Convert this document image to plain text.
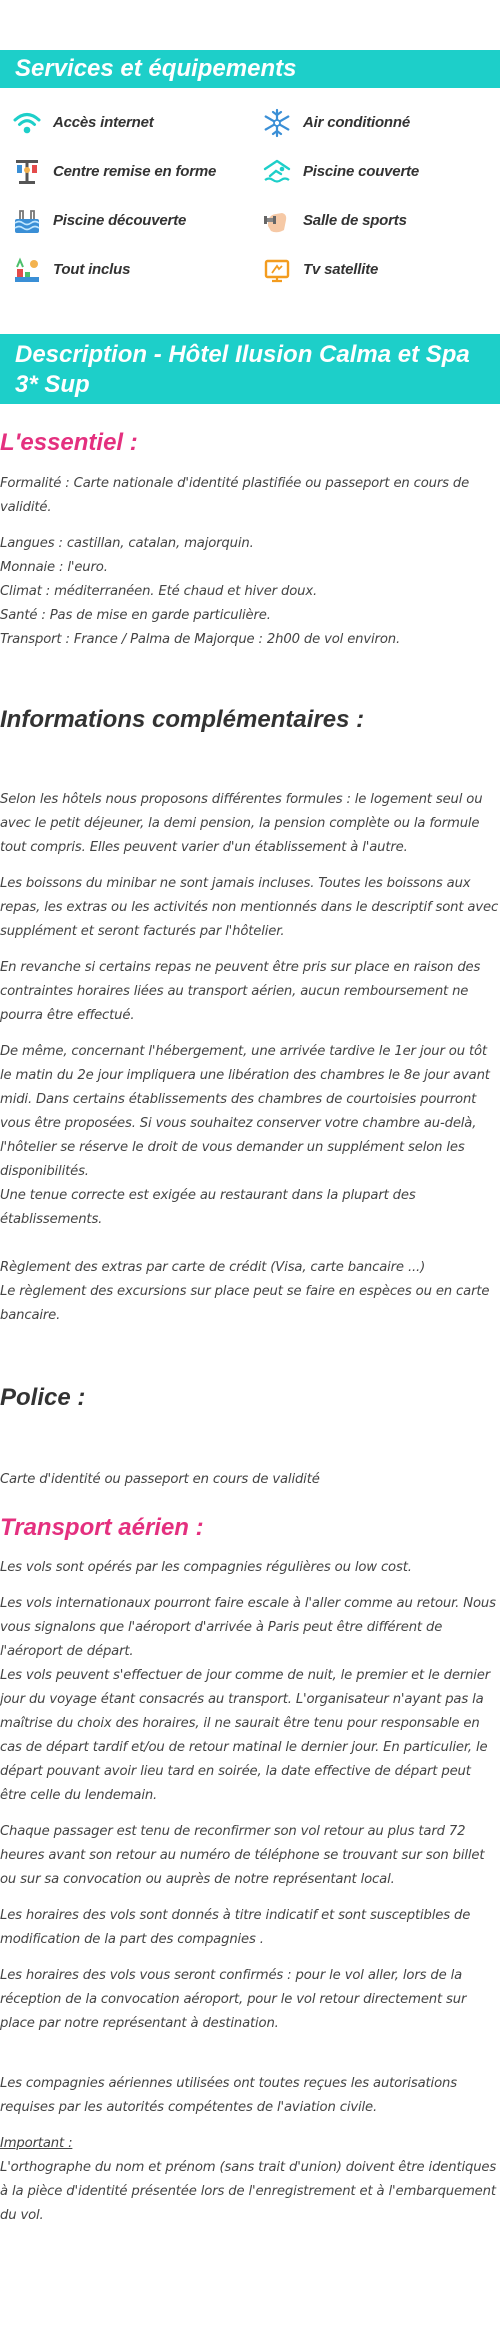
Services et équipements
Accès internet	Air conditionné
Centre remise en forme	Piscine couverte
Piscine découverte	Salle de sports
Tout inclus	Tv satellite
Description - Hôtel Ilusion Calma et Spa 3* Sup
L'essentiel :

Formalité : Carte nationale d'identité plastifiée ou passeport en cours de validité.

Langues : castillan, catalan, majorquin.
Monnaie : l'euro.
Climat : méditerranéen. Eté chaud et hiver doux.
Santé : Pas de mise en garde particulière.
Transport : France / Palma de Majorque : 2h00 de vol environ.

Informations complémentaires :

Selon les hôtels nous proposons différentes formules : le logement seul ou avec le petit déjeuner, la demi pension, la pension complète ou la formule tout compris. Elles peuvent varier d'un établissement à l'autre.

Les boissons du minibar ne sont jamais incluses. Toutes les boissons aux repas, les extras ou les activités non mentionnés dans le descriptif sont avec supplément et seront facturés par l'hôtelier.

En revanche si certains repas ne peuvent être pris sur place en raison des contraintes horaires liées au transport aérien, aucun remboursement ne pourra être effectué.

De même, concernant l'hébergement, une arrivée tardive le 1er jour ou tôt le matin du 2e jour impliquera une libération des chambres le 8e jour avant midi. Dans certains établissements des chambres de courtoisies pourront vous être proposées. Si vous souhaitez conserver votre chambre au-delà, l'hôtelier se réserve le droit de vous demander un supplément selon les disponibilités.
Une tenue correcte est exigée au restaurant dans la plupart des établissements.

Règlement des extras par carte de crédit (Visa, carte bancaire ...)
Le règlement des excursions sur place peut se faire en espèces ou en carte bancaire.

Police :

Carte d'identité ou passeport en cours de validité

Transport aérien :

Les vols sont opérés par les compagnies régulières ou low cost.

Les vols internationaux pourront faire escale à l'aller comme au retour. Nous vous signalons que l'aéroport d'arrivée à Paris peut être différent de l'aéroport de départ.
Les vols peuvent s'effectuer de jour comme de nuit, le premier et le dernier jour du voyage étant consacrés au transport. L'organisateur n'ayant pas la maîtrise du choix des horaires, il ne saurait être tenu pour responsable en cas de départ tardif et/ou de retour matinal le dernier jour. En particulier, le départ pouvant avoir lieu tard en soirée, la date effective de départ peut être celle du lendemain.

Chaque passager est tenu de reconfirmer son vol retour au plus tard 72 heures avant son retour au numéro de téléphone se trouvant sur son billet ou sur sa convocation ou auprès de notre représentant local.

Les horaires des vols sont donnés à titre indicatif et sont susceptibles de modification de la part des compagnies .

Les horaires des vols vous seront confirmés : pour le vol aller, lors de la réception de la convocation aéroport, pour le vol retour directement sur place par notre représentant à destination.

Les compagnies aériennes utilisées ont toutes reçues les autorisations requises par les autorités compétentes de l'aviation civile.

Important :
L'orthographe du nom et prénom (sans trait d'union) doivent être identiques à la pièce d'identité présentée lors de l'enregistrement et à l'embarquement du vol.
